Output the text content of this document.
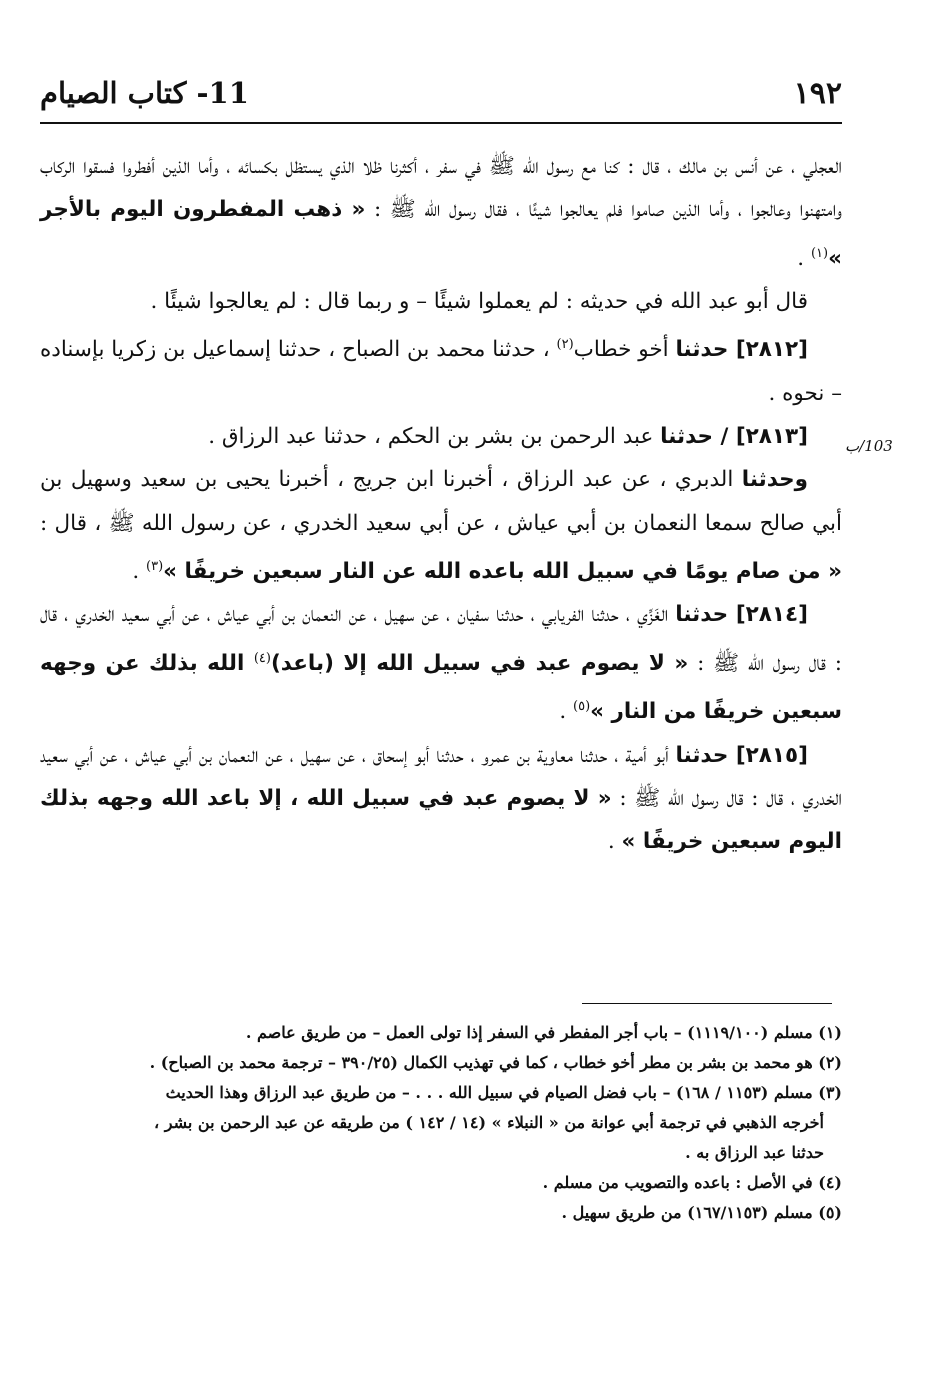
١٩٢
11- كتاب الصيام
103/ب

العجلي ، عن أنس بن مالك ، قال : كنا مع رسول الله ﷺ في سفر ، أكثرنا ظلا الذي يستظل بكسائه ، وأما الذين أفطروا فسقوا الركاب وامتهنوا وعالجوا ، وأما الذين صاموا فلم يعالجوا شيئًا ، فقال رسول الله ﷺ : « ذهب المفطرون اليوم بالأجر »$^{(١)}$ .

قال أبو عبد الله في حديثه : لم يعملوا شيئًا – و ربما قال : لم يعالجوا شيئًا .

[٢٨١٢] حدثنا أخو خطاب$^{(٢)}$ ، حدثنا محمد بن الصباح ، حدثنا إسماعيل بن زكريا بإسناده – نحوه .

[٢٨١٣] / حدثنا عبد الرحمن بن بشر بن الحكم ، حدثنا عبد الرزاق .

وحدثنا الدبري ، عن عبد الرزاق ، أخبرنا ابن جريج ، أخبرنا يحيى بن سعيد وسهيل بن أبي صالح سمعا النعمان بن أبي عياش ، عن أبي سعيد الخدري ، عن رسول الله ﷺ ، قال : « من صام يومًا في سبيل الله باعده الله عن النار سبعين خريفًا »$^{(٣)}$ .

[٢٨١٤] حدثنا الغَزِّي ، حدثنا الفريابي ، حدثنا سفيان ، عن سهيل ، عن النعمان بن أبي عياش ، عن أبي سعيد الخدري ، قال : قال رسول الله ﷺ : « لا يصوم عبد في سبيل الله إلا (باعد)$^{(٤)}$ الله بذلك عن وجهه سبعين خريفًا من النار »$^{(٥)}$ .

[٢٨١٥] حدثنا أبو أمية ، حدثنا معاوية بن عمرو ، حدثنا أبو إسحاق ، عن سهيل ، عن النعمان بن أبي عياش ، عن أبي سعيد الخدري ، قال : قال رسول الله ﷺ : « لا يصوم عبد في سبيل الله ، إلا باعد الله وجهه بذلك اليوم سبعين خريفًا » .

(١) مسلم (١١١٩/١٠٠) – باب أجر المفطر في السفر إذا تولى العمل – من طريق عاصم .

(٢) هو محمد بن بشر بن مطر أخو خطاب ، كما في تهذيب الكمال (٣٩٠/٢٥ – ترجمة محمد بن الصباح) .

(٣) مسلم (١١٥٣ / ١٦٨) – باب فضل الصيام في سبيل الله . . . – من طريق عبد الرزاق وهذا الحديث

أخرجه الذهبي في ترجمة أبي عوانة من « النبلاء » (١٤ / ١٤٢ ) من طريقه عن عبد الرحمن بن بشر ،

حدثنا عبد الرزاق به .

(٤) في الأصل : باعده والتصويب من مسلم .

(٥) مسلم (١٦٧/١١٥٣) من طريق سهيل .
